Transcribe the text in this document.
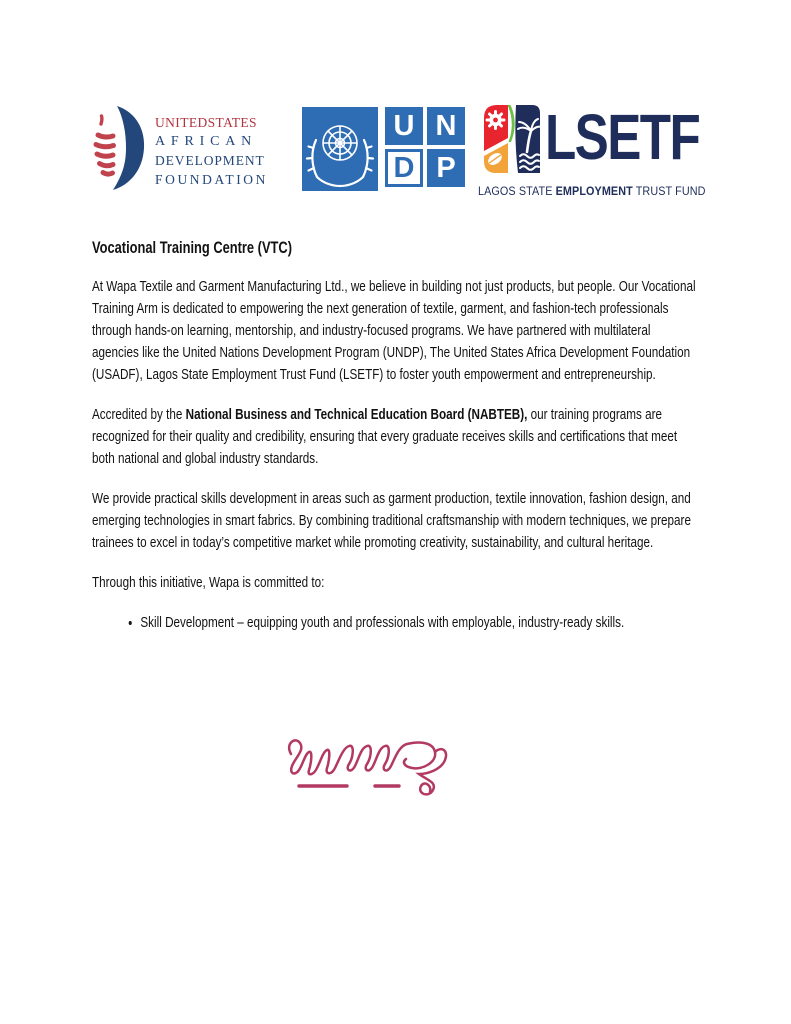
UNITEDSTATES
AFRICAN
DEVELOPMENT
FOUNDATION
U N
D P LSETF
LAGOS STATE EMPLOYMENT TRUST FUND
Vocational Training Centre (VTC)

At Wapa Textile and Garment Manufacturing Ltd., we believe in building not just products, but people. Our Vocational Training Arm is dedicated to empowering the next generation of textile, garment, and fashion-tech professionals through hands-on learning, mentorship, and industry-focused programs. We have partnered with multilateral agencies like the United Nations Development Program (UNDP), The United States Africa Development Foundation (USADF), Lagos State Employment Trust Fund (LSETF) to foster youth empowerment and entrepreneurship.

Accredited by the National Business and Technical Education Board (NABTEB), our training programs are recognized for their quality and credibility, ensuring that every graduate receives skills and certifications that meet both national and global industry standards.

We provide practical skills development in areas such as garment production, textile innovation, fashion design, and emerging technologies in smart fabrics. By combining traditional craftsmanship with modern techniques, we prepare trainees to excel in today’s competitive market while promoting creativity, sustainability, and cultural heritage.

Through this initiative, Wapa is committed to:

• Skill Development – equipping youth and professionals with employable, industry-ready skills.
